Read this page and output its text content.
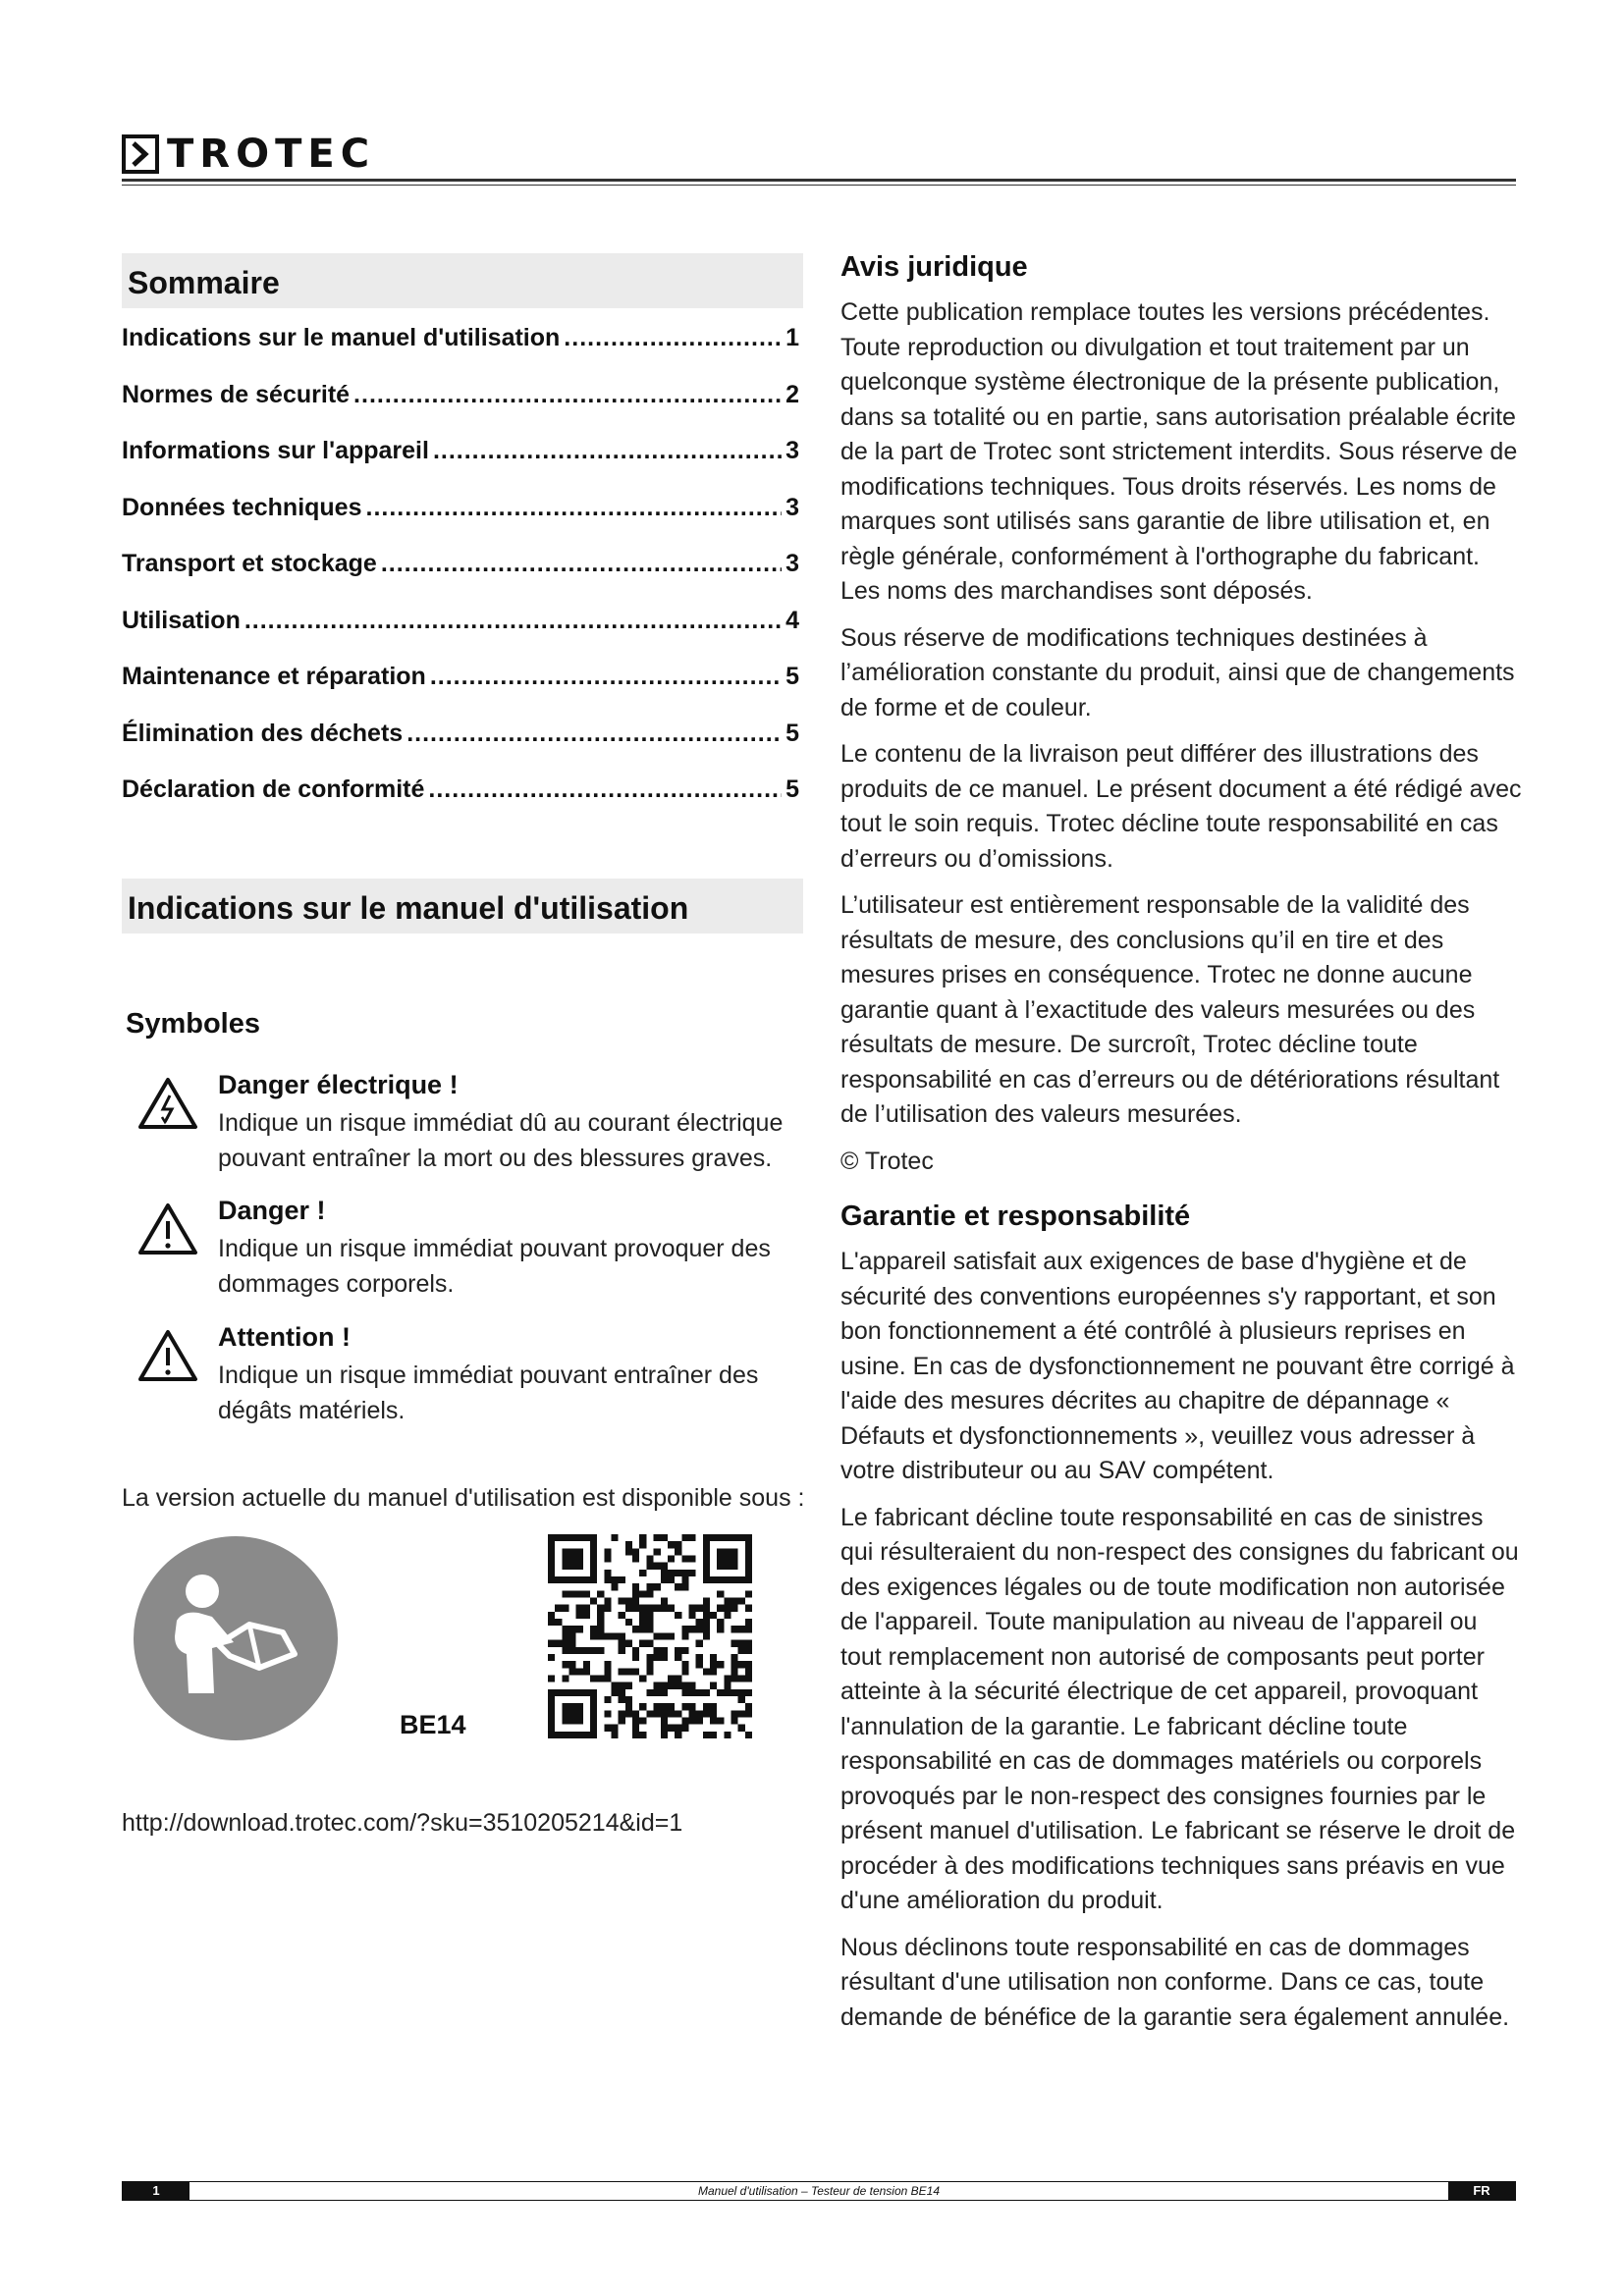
TROTEC
Sommaire
Indications sur le manuel d'utilisation .....	1
Normes de sécurité .....	2
Informations sur l'appareil .....	3
Données techniques .....	3
Transport et stockage .....	3
Utilisation .....	4
Maintenance et réparation .....	5
Élimination des déchets .....	5
Déclaration de conformité .....	5
Indications sur le manuel d'utilisation
Symboles
Danger électrique !
Indique un risque immédiat dû au courant électrique
pouvant entraîner la mort ou des blessures graves.
Danger !
Indique un risque immédiat pouvant provoquer des
dommages corporels.
Attention !
Indique un risque immédiat pouvant entraîner des
dégâts matériels.
La version actuelle du manuel d'utilisation est disponible sous :
BE14
http://download.trotec.com/?sku=3510205214&id=1
Avis juridique

Cette publication remplace toutes les versions précédentes. Toute reproduction ou divulgation et tout traitement par un quelconque système électronique de la présente publication, dans sa totalité ou en partie, sans autorisation préalable écrite de la part de Trotec sont strictement interdits. Sous réserve de modifications techniques. Tous droits réservés. Les noms de marques sont utilisés sans garantie de libre utilisation et, en règle générale, conformément à l'orthographe du fabricant. Les noms des marchandises sont déposés.

Sous réserve de modifications techniques destinées à l’amélioration constante du produit, ainsi que de changements de forme et de couleur.

Le contenu de la livraison peut différer des illustrations des produits de ce manuel. Le présent document a été rédigé avec tout le soin requis. Trotec décline toute responsabilité en cas d’erreurs ou d’omissions.

L’utilisateur est entièrement responsable de la validité des résultats de mesure, des conclusions qu’il en tire et des mesures prises en conséquence. Trotec ne donne aucune garantie quant à l’exactitude des valeurs mesurées ou des résultats de mesure. De surcroît, Trotec décline toute responsabilité en cas d’erreurs ou de détériorations résultant de l’utilisation des valeurs mesurées.

© Trotec

Garantie et responsabilité

L'appareil satisfait aux exigences de base d'hygiène et de sécurité des conventions européennes s'y rapportant, et son bon fonctionnement a été contrôlé à plusieurs reprises en usine. En cas de dysfonctionnement ne pouvant être corrigé à l'aide des mesures décrites au chapitre de dépannage « Défauts et dysfonctionnements », veuillez vous adresser à votre distributeur ou au SAV compétent.

Le fabricant décline toute responsabilité en cas de sinistres qui résulteraient du non-respect des consignes du fabricant ou des exigences légales ou de toute modification non autorisée de l'appareil. Toute manipulation au niveau de l'appareil ou tout remplacement non autorisé de composants peut porter atteinte à la sécurité électrique de cet appareil, provoquant l'annulation de la garantie. Le fabricant décline toute responsabilité en cas de dommages matériels ou corporels provoqués par le non-respect des consignes fournies par le présent manuel d'utilisation. Le fabricant se réserve le droit de procéder à des modifications techniques sans préavis en vue d'une amélioration du produit.

Nous déclinons toute responsabilité en cas de dommages résultant d'une utilisation non conforme. Dans ce cas, toute demande de bénéfice de la garantie sera également annulée.

1	Manuel d'utilisation – Testeur de tension BE14	FR
